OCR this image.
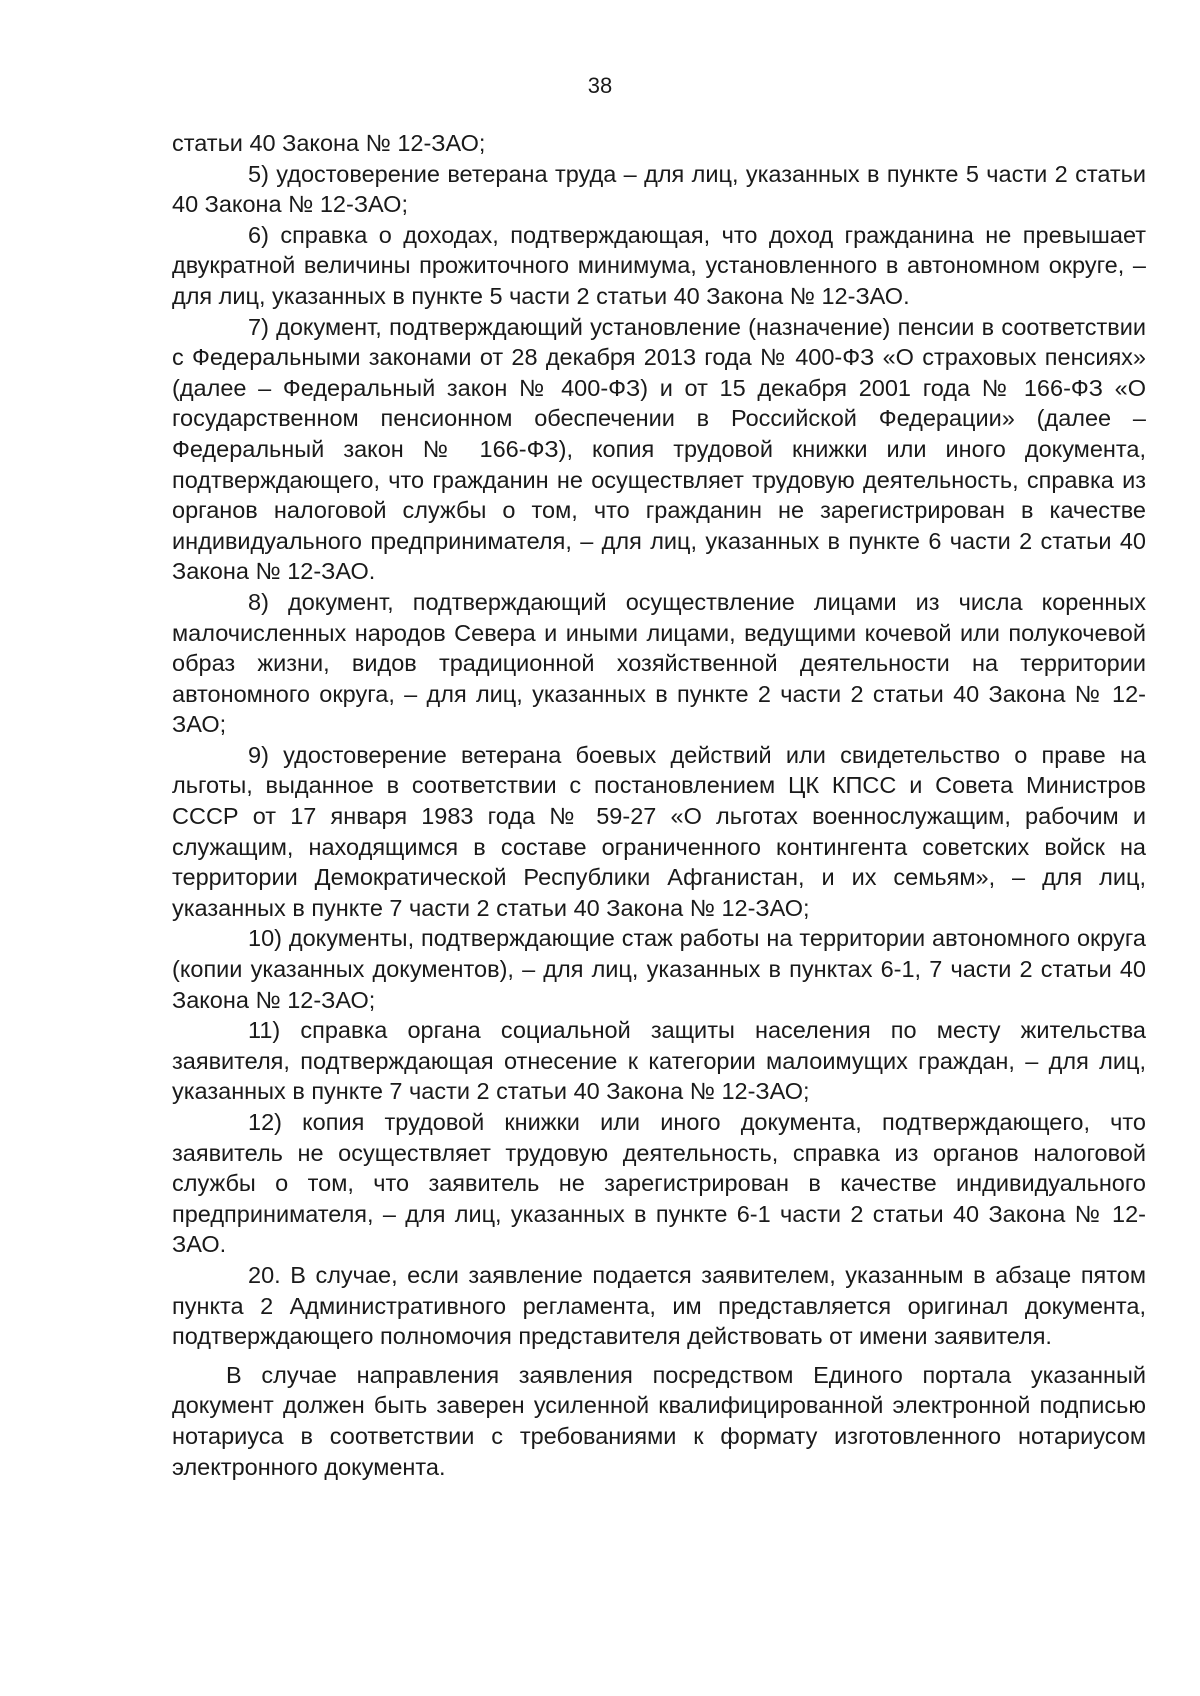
38

статьи 40 Закона № 12-ЗАО;

5) удостоверение ветерана труда – для лиц, указанных в пункте 5 части 2 статьи 40 Закона № 12-ЗАО;

6) справка о доходах, подтверждающая, что доход гражданина не превышает двукратной величины прожиточного минимума, установленного в автономном округе, – для лиц, указанных в пункте 5 части 2 статьи 40 Закона № 12-ЗАО.

7) документ, подтверждающий установление (назначение) пенсии в соответствии с Федеральными законами от 28 декабря 2013 года № 400-ФЗ «О страховых пенсиях» (далее – Федеральный закон № 400-ФЗ) и от 15 декабря 2001 года № 166-ФЗ «О государственном пенсионном обеспечении в Российской Федерации» (далее – Федеральный закон № 166-ФЗ), копия трудовой книжки или иного документа, подтверждающего, что гражданин не осуществляет трудовую деятельность, справка из органов налоговой службы о том, что гражданин не зарегистрирован в качестве индивидуального предпринимателя, – для лиц, указанных в пункте 6 части 2 статьи 40 Закона № 12-ЗАО.

8) документ, подтверждающий осуществление лицами из числа коренных малочисленных народов Севера и иными лицами, ведущими кочевой или полукочевой образ жизни, видов традиционной хозяйственной деятельности на территории автономного округа, – для лиц, указанных в пункте 2 части 2 статьи 40 Закона № 12-ЗАО;

9) удостоверение ветерана боевых действий или свидетельство о праве на льготы, выданное в соответствии с постановлением ЦК КПСС и Совета Министров СССР от 17 января 1983 года № 59-27 «О льготах военнослужащим, рабочим и служащим, находящимся в составе ограниченного контингента советских войск на территории Демократической Республики Афганистан, и их семьям», – для лиц, указанных в пункте 7 части 2 статьи 40 Закона № 12-ЗАО;

10) документы, подтверждающие стаж работы на территории автономного округа (копии указанных документов), – для лиц, указанных в пунктах 6-1, 7 части 2 статьи 40 Закона № 12-ЗАО;

11) справка органа социальной защиты населения по месту жительства заявителя, подтверждающая отнесение к категории малоимущих граждан, – для лиц, указанных в пункте 7 части 2 статьи 40 Закона № 12-ЗАО;

12) копия трудовой книжки или иного документа, подтверждающего, что заявитель не осуществляет трудовую деятельность, справка из органов налоговой службы о том, что заявитель не зарегистрирован в качестве индивидуального предпринимателя, – для лиц, указанных в пункте 6-1 части 2 статьи 40 Закона № 12-ЗАО.

20. В случае, если заявление подается заявителем, указанным в абзаце пятом пункта 2 Административного регламента, им представляется оригинал документа, подтверждающего полномочия представителя действовать от имени заявителя.

В случае направления заявления посредством Единого портала указанный документ должен быть заверен усиленной квалифицированной электронной подписью нотариуса в соответствии с требованиями к формату изготовленного нотариусом электронного документа.
